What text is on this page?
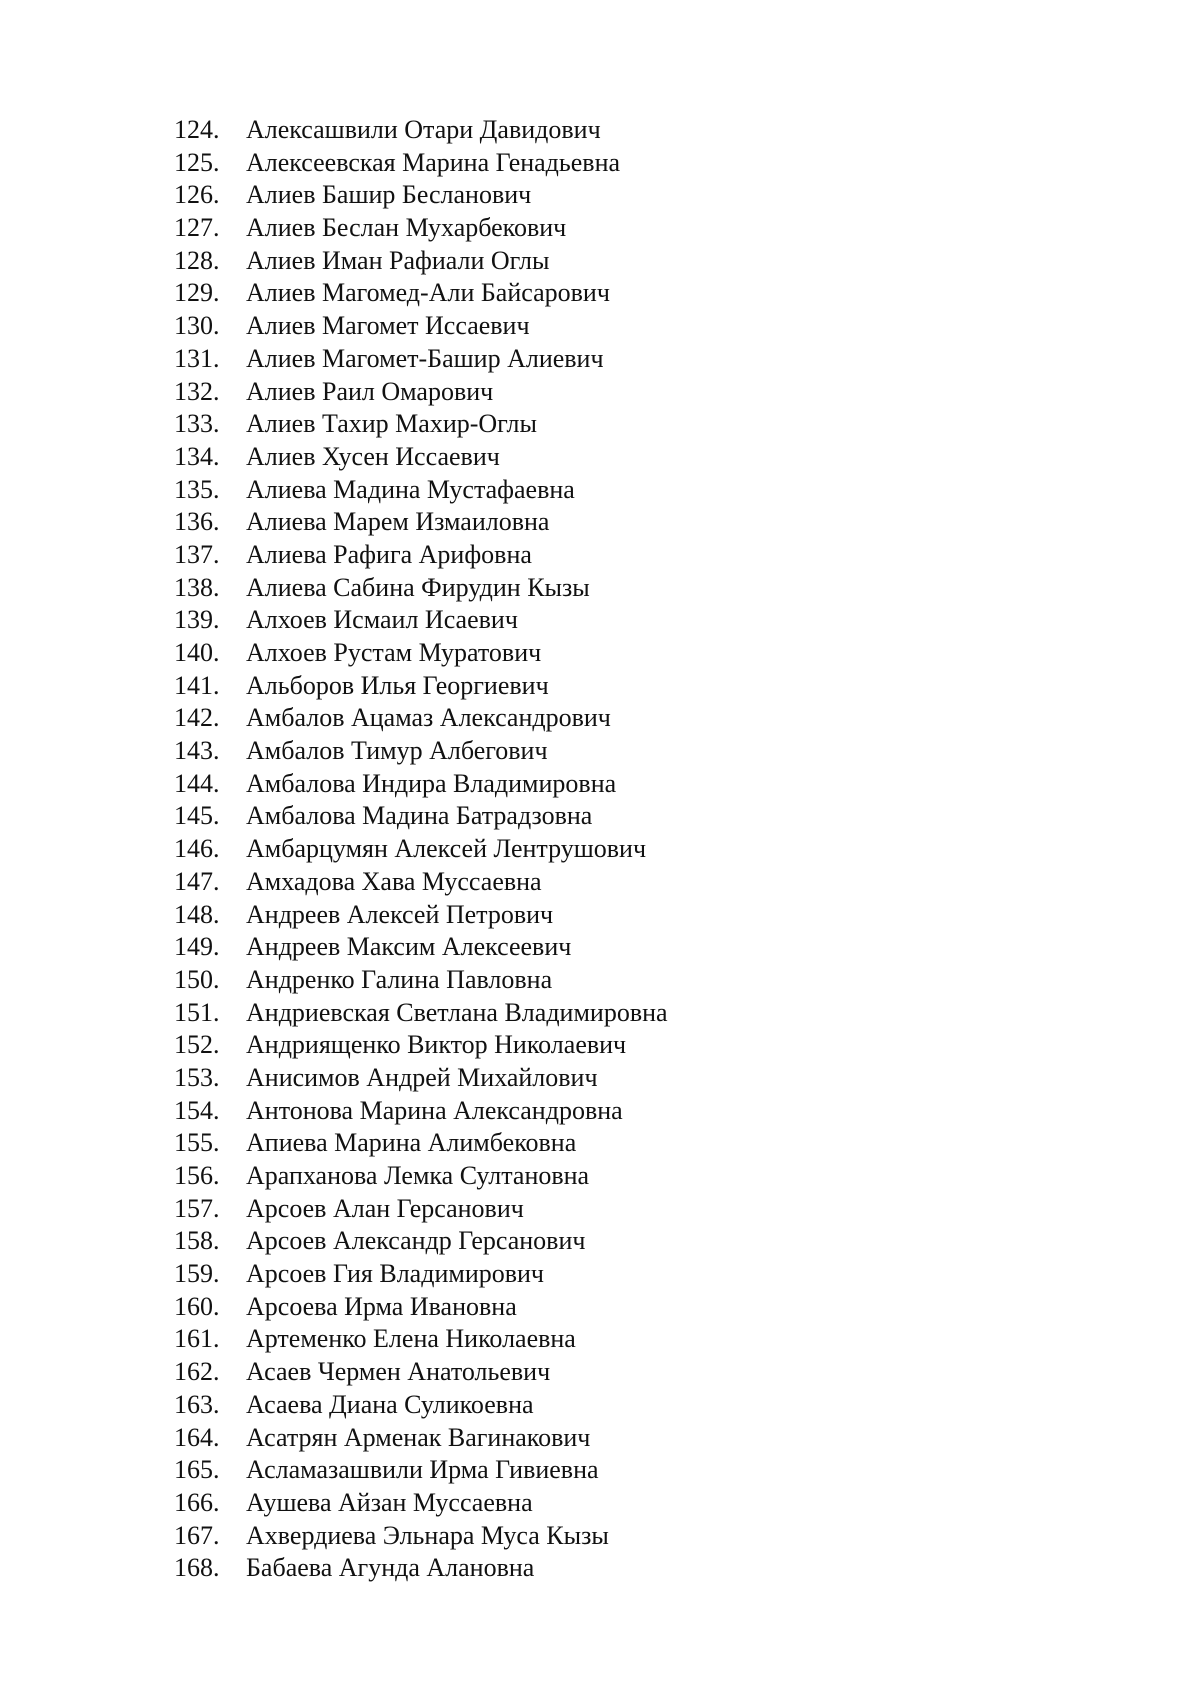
124.	Алексашвили Отари Давидович
125.	Алексеевская Марина Генадьевна
126.	Алиев Башир Бесланович
127.	Алиев Беслан Мухарбекович
128.	Алиев Иман Рафиали Оглы
129.	Алиев Магомед-Али Байсарович
130.	Алиев Магомет Иссаевич
131.	Алиев Магомет-Башир Алиевич
132.	Алиев Раил Омарович
133.	Алиев Тахир Махир-Оглы
134.	Алиев Хусен Иссаевич
135.	Алиева Мадина Мустафаевна
136.	Алиева Марем Измаиловна
137.	Алиева Рафига Арифовна
138.	Алиева Сабина Фирудин Кызы
139.	Алхоев Исмаил Исаевич
140.	Алхоев Рустам Муратович
141.	Альборов Илья Георгиевич
142.	Амбалов Ацамаз Александрович
143.	Амбалов Тимур Албегович
144.	Амбалова Индира Владимировна
145.	Амбалова Мадина Батрадзовна
146.	Амбарцумян Алексей Лентрушович
147.	Амхадова Хава Муссаевна
148.	Андреев Алексей Петрович
149.	Андреев Максим Алексеевич
150.	Андренко Галина Павловна
151.	Андриевская Светлана Владимировна
152.	Андриященко Виктор Николаевич
153.	Анисимов Андрей Михайлович
154.	Антонова Марина Александровна
155.	Апиева Марина Алимбековна
156.	Арапханова Лемка Султановна
157.	Арсоев Алан Герсанович
158.	Арсоев Александр Герсанович
159.	Арсоев Гия Владимирович
160.	Арсоева Ирма Ивановна
161.	Артеменко Елена Николаевна
162.	Асаев Чермен Анатольевич
163.	Асаева Диана Суликоевна
164.	Асатрян Арменак Вагинакович
165.	Асламазашвили Ирма Гивиевна
166.	Аушева Айзан Муссаевна
167.	Ахвердиева Эльнара Муса Кызы
168.	Бабаева Агунда Алановна
